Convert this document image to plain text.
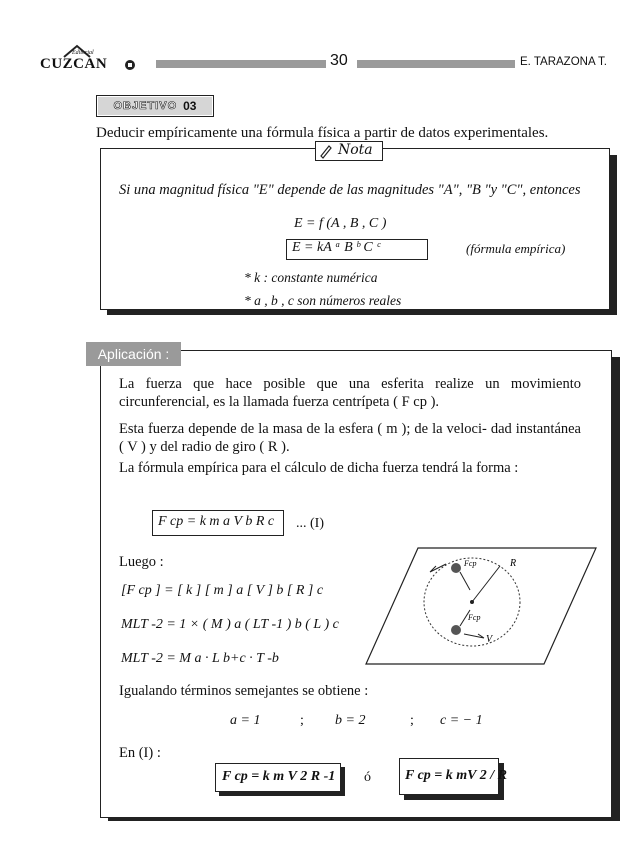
Editorial
CUZCAN	30	E. TARAZONA T.
OBJETIVO 03
Deducir empíricamente una fórmula física a partir de datos experimentales.
Nota
Si una magnitud física "E" depende de las magnitudes "A", "B "y "C", entonces
E = f (A , B , C )
E = kA ᵃ B ᵇ C ᶜ	(fórmula empírica)
* k : constante numérica
* a , b , c son números reales
Aplicación :
La fuerza que hace posible que una esferita realize un movimiento circunferencial, es la llamada fuerza centrípeta ( F cp ).
Esta fuerza depende de la masa de la esfera ( m ); de la veloci- dad instantánea ( V ) y del radio de giro ( R ).
La fórmula empírica para el cálculo de dicha fuerza tendrá la forma :
F cp = k m a V b R c ... (I)
Luego :
[F cp ] = [ k ] [ m ] a [ V ] b [ R ] c
MLT -2 = 1 × ( M ) a ( LT -1 ) b ( L ) c
MLT -2 = M a · L b+c · T -b
Fcp
Fcp
R
V
Igualando términos semejantes se obtiene :
a = 1	; b = 2	; c = − 1
En (I) :
F cp = k m V 2 R -1 ó F cp = k mV 2 / R
